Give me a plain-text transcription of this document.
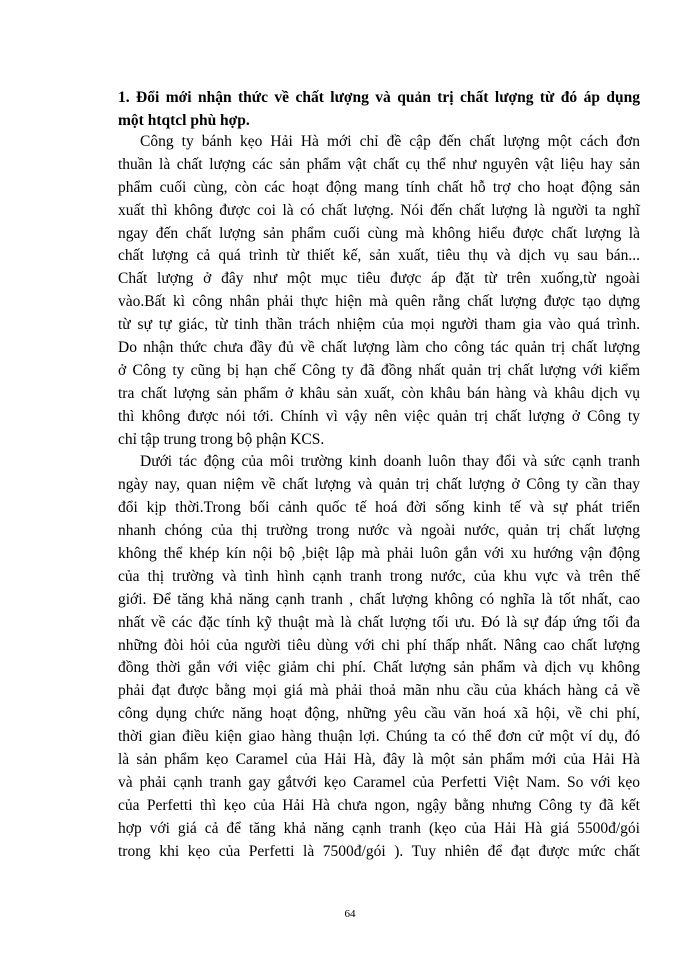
1. Đổi mới nhận thức về chất lượng và quản trị chất lượng từ đó áp dụng
một htqtcl phù hợp.
Công ty bánh kẹo Hải Hà mới chỉ đề cập đến chất lượng một cách đơn
thuần là chất lượng các sản phẩm vật chất cụ thể như nguyên vật liệu hay sản
phẩm cuối cùng, còn các hoạt động mang tính chất hỗ trợ cho hoạt động sản
xuất thì không được coi là có chất lượng. Nói đến chất lượng là người ta nghĩ
ngay đến chất lượng sản phẩm cuối cùng mà không hiểu được chất lượng là
chất lượng cả quá trình từ thiết kế, sản xuất, tiêu thụ và dịch vụ sau bán...
Chất lượng ở đây như một mục tiêu được áp đặt từ trên xuống,từ ngoài
vào.Bất kì công nhân phải thực hiện mà quên rằng chất lượng được tạo dựng
từ sự tự giác, từ tinh thần trách nhiệm của mọi người tham gia vào quá trình.
Do nhận thức chưa đầy đủ về chất lượng làm cho công tác quản trị chất lượng
ở Công ty cũng bị hạn chế Công ty đã đồng nhất quản trị chất lượng với kiểm
tra chất lượng sản phẩm ở khâu sản xuất, còn khâu bán hàng và khâu dịch vụ
thì không được nói tới. Chính vì vậy nên việc quản trị chất lượng ở Công ty
chỉ tập trung trong bộ phận KCS.
Dưới tác động của môi trường kinh doanh luôn thay đổi và sức cạnh tranh
ngày nay, quan niệm về chất lượng và quản trị chất lượng ở Công ty cần thay
đổi kịp thời.Trong bối cảnh quốc tế hoá đời sống kinh tế và sự phát triển
nhanh chóng của thị trường trong nước và ngoài nước, quản trị chất lượng
không thể khép kín nội bộ ,biệt lập mà phải luôn gắn với xu hướng vận động
của thị trường và tình hình cạnh tranh trong nước, của khu vực và trên thế
giới. Để tăng khả năng cạnh tranh , chất lượng không có nghĩa là tốt nhất, cao
nhất về các đặc tính kỹ thuật mà là chất lượng tối ưu. Đó là sự đáp ứng tối đa
những đòi hỏi của người tiêu dùng với chi phí thấp nhất. Nâng cao chất lượng
đồng thời gắn với việc giảm chi phí. Chất lượng sản phẩm và dịch vụ không
phải đạt được bằng mọi giá mà phải thoả mãn nhu cầu của khách hàng cả về
công dụng chức năng hoạt động, những yêu cầu văn hoá xã hội, về chi phí,
thời gian điều kiện giao hàng thuận lợi. Chúng ta có thể đơn cử một ví dụ, đó
là sản phẩm kẹo Caramel của Hải Hà, đây là một sản phẩm mới của Hải Hà
và phải cạnh tranh gay gắtvới kẹo Caramel của Perfetti Việt Nam. So với kẹo
của Perfetti thì kẹo của Hải Hà chưa ngon, ngậy bằng nhưng Công ty đã kết
hợp với giá cả để tăng khả năng cạnh tranh (kẹo của Hải Hà giá 5500đ/gói
trong khi kẹo của Perfetti là 7500đ/gói ). Tuy nhiên để đạt được mức chất
64
